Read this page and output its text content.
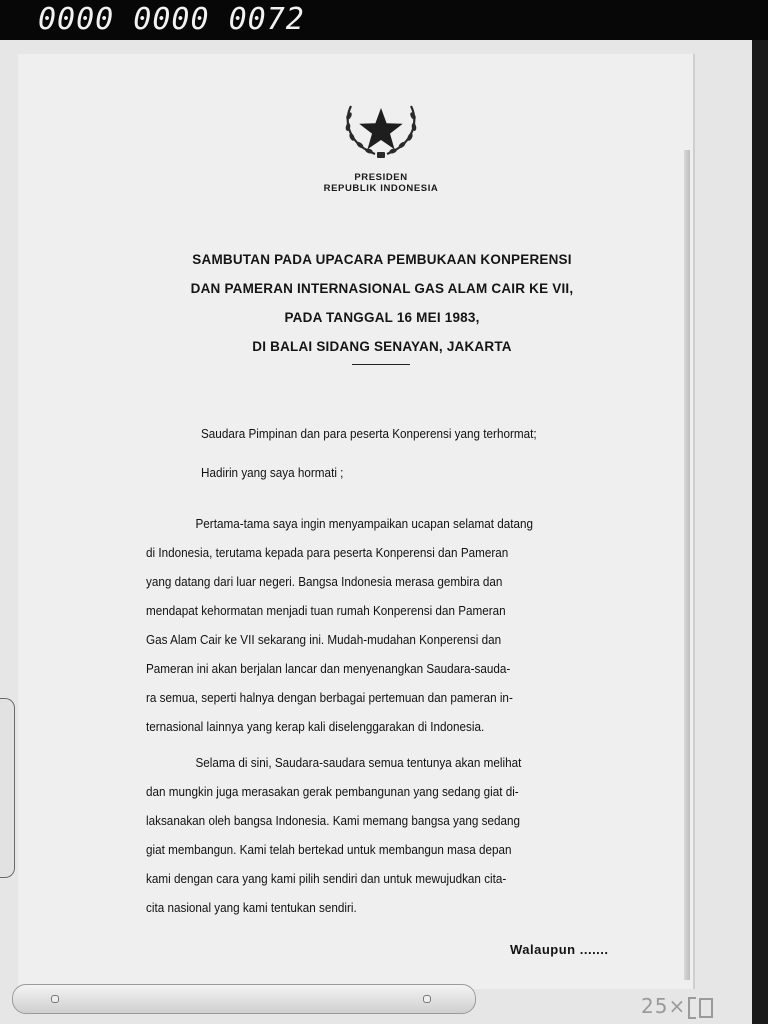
0000 0000 0072
PRESIDEN
REPUBLIK INDONESIA
SAMBUTAN PADA UPACARA PEMBUKAAN KONPERENSI
DAN PAMERAN INTERNASIONAL GAS ALAM CAIR KE VII,
PADA TANGGAL 16 MEI 1983,
DI BALAI SIDANG SENAYAN, JAKARTA
Saudara Pimpinan dan para peserta Konperensi yang terhormat;
Hadirin yang saya hormati ;
Pertama-tama saya ingin menyampaikan ucapan selamat datang
di Indonesia, terutama kepada para peserta Konperensi dan Pameran
yang datang dari luar negeri. Bangsa Indonesia merasa gembira dan
mendapat kehormatan menjadi tuan rumah Konperensi dan Pameran
Gas Alam Cair ke VII sekarang ini. Mudah-mudahan Konperensi dan
Pameran ini akan berjalan lancar dan menyenangkan Saudara-sauda-
ra semua, seperti halnya dengan berbagai pertemuan dan pameran in-
ternasional lainnya yang kerap kali diselenggarakan di Indonesia.
Selama di sini, Saudara-saudara semua tentunya akan melihat
dan mungkin juga merasakan gerak pembangunan yang sedang giat di-
laksanakan oleh bangsa Indonesia. Kami memang bangsa yang sedang
giat membangun. Kami telah bertekad untuk membangun masa depan
kami dengan cara yang kami pilih sendiri dan untuk mewujudkan cita-
cita nasional yang kami tentukan sendiri.
Walaupun .......
25×
